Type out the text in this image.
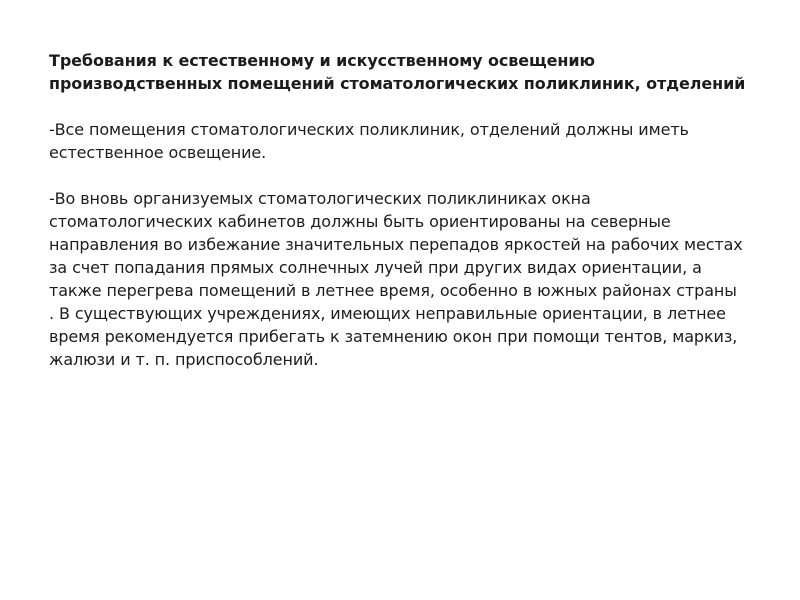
Требования к естественному и искусственному освещению производственных помещений стоматологических поликлиник, отделений

-Все помещения стоматологических поликлиник, отделений должны иметь естественное освещение.

-Во вновь организуемых стоматологических поликлиниках окна стоматологических кабинетов должны быть ориентированы на северные направления во избежание значительных перепадов яркостей на рабочих местах за счет попадания прямых солнечных лучей при других видах ориентации, а также перегрева помещений в летнее время, особенно в южных районах страны

. В существующих учреждениях, имеющих неправильные ориентации, в летнее время рекомендуется прибегать к затемнению окон при помощи тентов, маркиз, жалюзи и т. п. приспособлений.
